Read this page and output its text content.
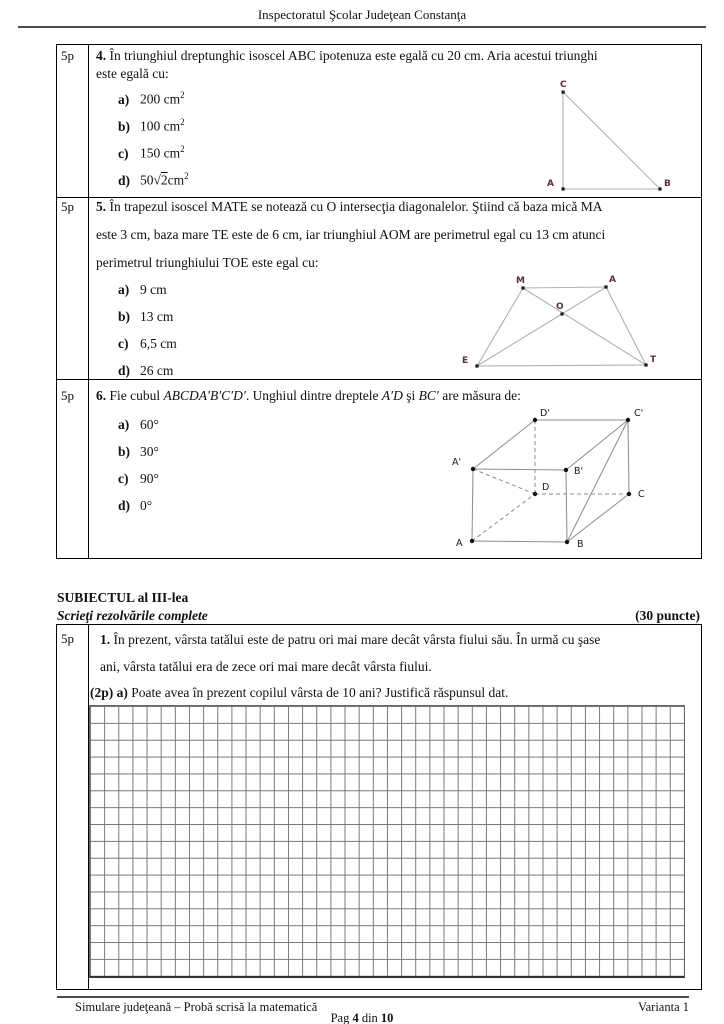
Inspectoratul Şcolar Judeţean Constanţa
5p 4. În triunghiul dreptunghic isoscel ABC ipotenuza este egală cu 20 cm. Aria acestui triunghi
este egală cu:
a) 200 $cm^2$
b) 100 $cm^2$
c) 150 $cm^2$
d) $50√2cm^2$
C
A	B
5p 5. În trapezul isoscel MATE se notează cu O intersecţia diagonalelor. Ştiind că baza mică MA
este 3 cm, baza mare TE este de 6 cm, iar triunghiul AOM are perimetrul egal cu 13 cm atunci
perimetrul triunghiului TOE este egal cu:
a) 9 cm
b) 13 cm
c) 6,5 cm
d) 26 cm
M	A
O
E	T
5p 6. Fie cubul ABCDA′B′C′D′. Unghiul dintre dreptele A′D şi BC′ are măsura de:
a) 60°
b) 30°
c) 90°
d) 0°
A	B
C
D
A'
B'
C'
D'
SUBIECTUL al III-lea
Scrieţi rezolvările complete	(30 puncte)
5p 1. În prezent, vârsta tatălui este de patru ori mai mare decât vârsta fiului său. În urmă cu şase
ani, vârsta tatălui era de zece ori mai mare decât vârsta fiului.
(2p) a) Poate avea în prezent copilul vârsta de 10 ani? Justifică răspunsul dat.
Simulare judeţeană – Probă scrisă la matematică	Varianta 1
Pag 4 din 10
